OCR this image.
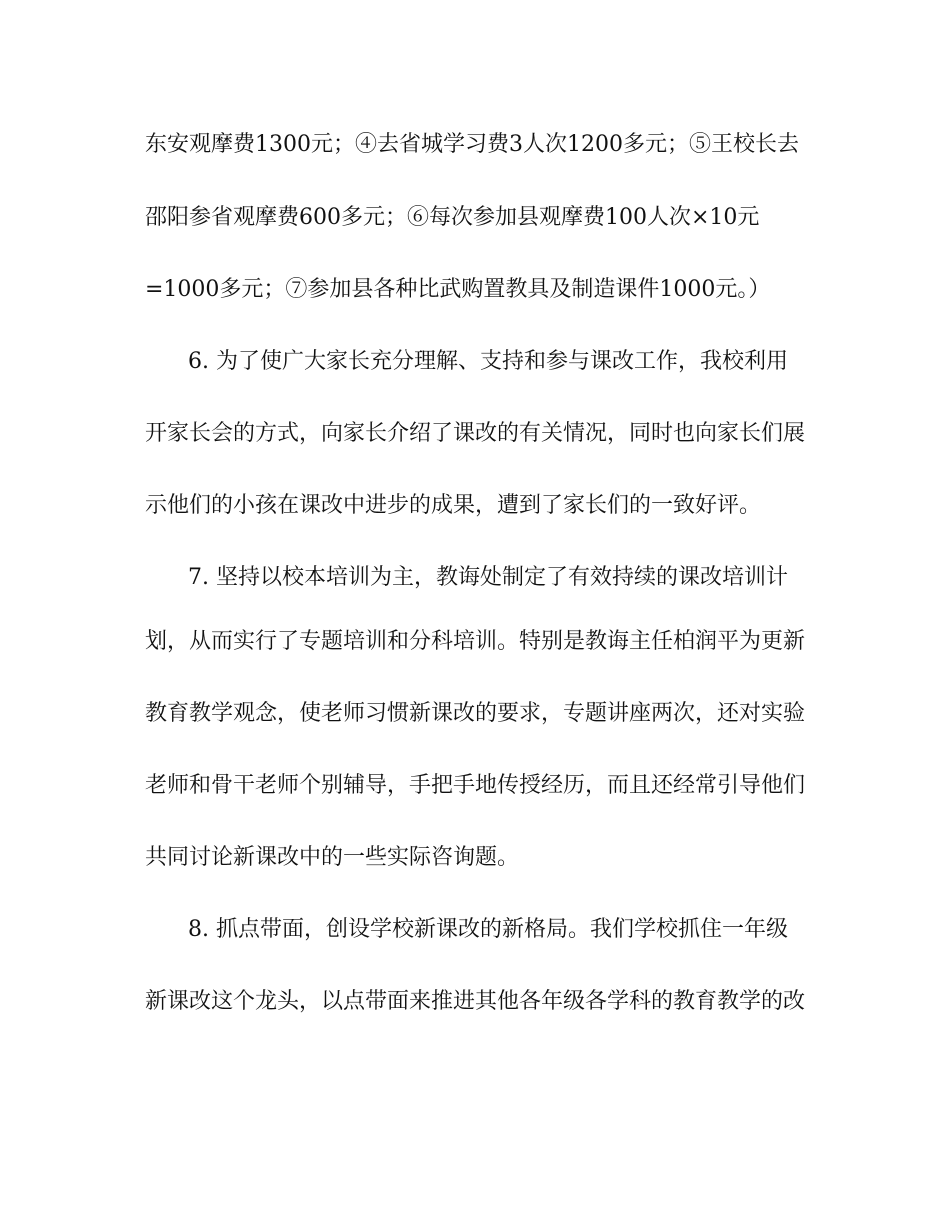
东安观摩费1300元；④去省城学习费3人次1200多元；⑤王校长去
邵阳参省观摩费600多元；⑥每次参加县观摩费100人次×10元
=1000多元；⑦参加县各种比武购置教具及制造课件1000元。）
6. 为了使广大家长充分理解、支持和参与课改工作，我校利用
开家长会的方式，向家长介绍了课改的有关情况，同时也向家长们展
示他们的小孩在课改中进步的成果，遭到了家长们的一致好评。
7. 坚持以校本培训为主，教诲处制定了有效持续的课改培训计
划，从而实行了专题培训和分科培训。特别是教诲主任柏润平为更新
教育教学观念，使老师习惯新课改的要求，专题讲座两次，还对实验
老师和骨干老师个别辅导，手把手地传授经历，而且还经常引导他们
共同讨论新课改中的一些实际咨询题。
8. 抓点带面，创设学校新课改的新格局。我们学校抓住一年级
新课改这个龙头，以点带面来推进其他各年级各学科的教育教学的改
